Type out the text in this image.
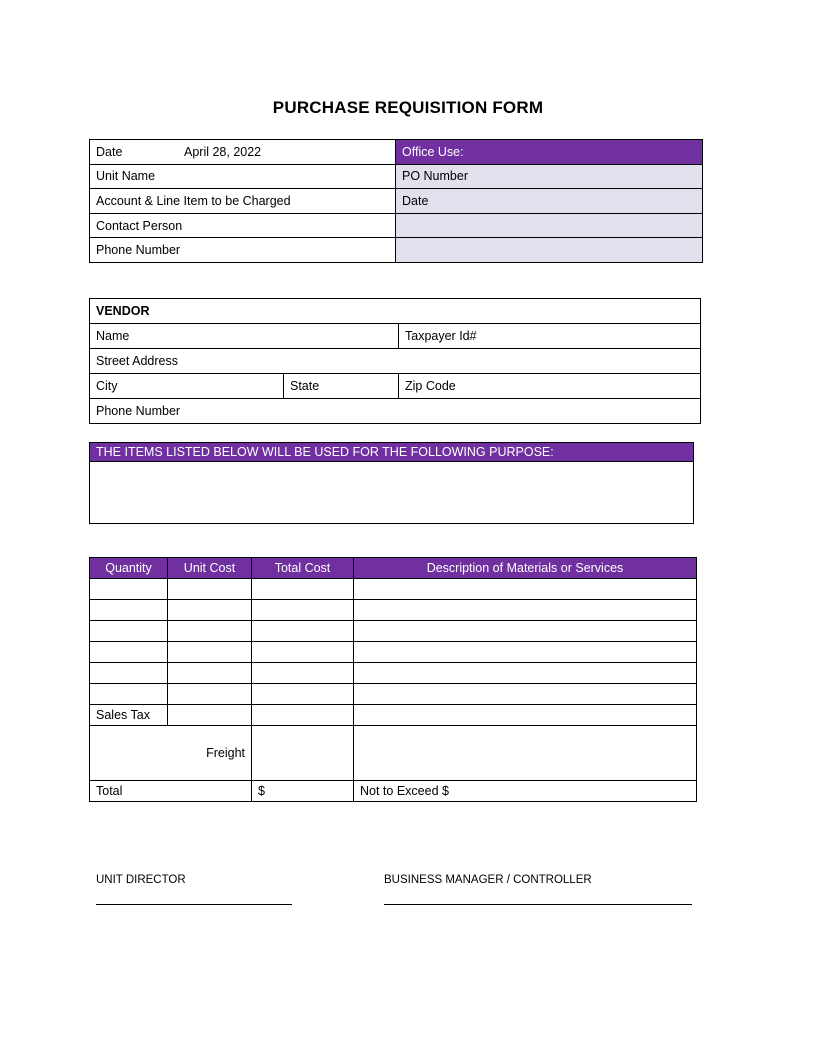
PURCHASE REQUISITION FORM
Date April 28, 2022	Office Use:
Unit Name	PO Number
Account & Line Item to be Charged	Date
Contact Person	
Phone Number	
VENDOR		
Name		Taxpayer Id#
Street Address		
City	State	Zip Code
Phone Number		
THE ITEMS LISTED BELOW WILL BE USED FOR THE FOLLOWING PURPOSE:

Quantity	Unit Cost	Total Cost	Description of Materials or Services

Sales Tax			
Freight			
Total		$	Not to Exceed $
UNIT DIRECTOR	BUSINESS MANAGER / CONTROLLER
